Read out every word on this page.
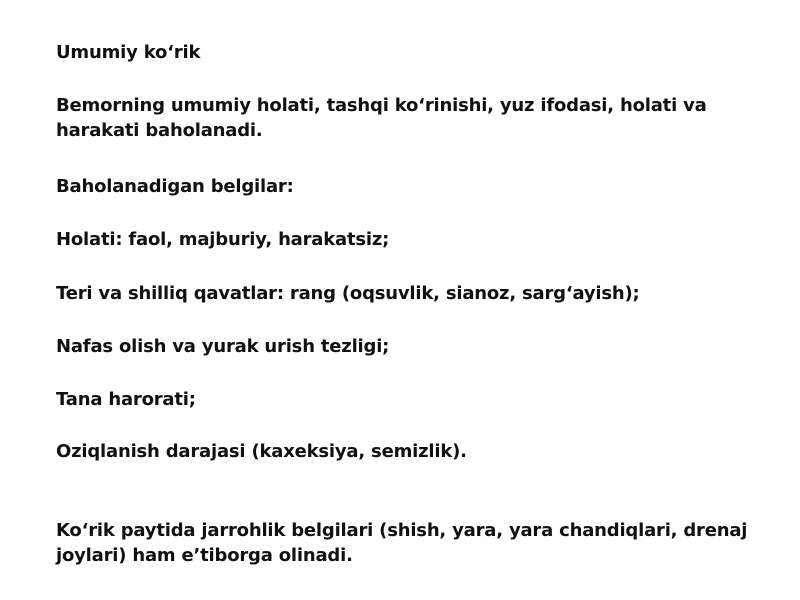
Umumiy ko‘rik
Bemorning umumiy holati, tashqi ko‘rinishi, yuz ifodasi, holati va harakati baholanadi.
Baholanadigan belgilar:
Holati: faol, majburiy, harakatsiz;
Teri va shilliq qavatlar: rang (oqsuvlik, sianoz, sarg‘ayish);
Nafas olish va yurak urish tezligi;
Tana harorati;
Oziqlanish darajasi (kaxeksiya, semizlik).
Ko‘rik paytida jarrohlik belgilari (shish, yara, yara chandiqlari, drenaj joylari) ham e’tiborga olinadi.
